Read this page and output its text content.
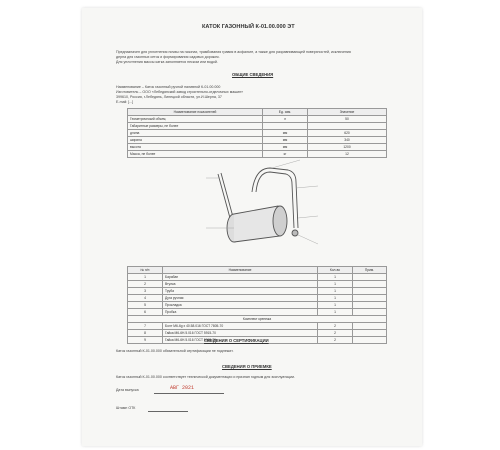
КАТОК ГАЗОННЫЙ К-01.00.000 ЭТ
Предназначен для уплотнения почвы на газонах, трамбования гравия в асфальте, а также для разравнивающей поверхностей, исключения
дерна для газонных сеток и формирования садовых дорожек.
Для уплотнения массы катка заполняется песком или водой.
ОБЩИЕ СВЕДЕНИЯ
Наименование – Каток газонный ручной наливной К-01.00.000
Изготовитель – ООО «Лебедянский завод строительно-отделочных машин»
399610, Россия, г.Лебедянь, Липецкой области, ул.И.Шерна, 37
E-mail: [...]
Наименование показателей	Ед. изм.	Значение
Геометрический объем,	л	50
Габаритные размеры, не более		
длина	мм	620
ширина	мм	340
высота	мм	1200
Масса, не более	кг	12
№ п/п	Наименование	Кол-во	Прим.
1	Барабан	1	
2	Втулка	1	
3	Труба	1	
4	Дуга ручная	1	
5	Прокладка	1	
6	Пробка	1	
Комплект крепежа			
7	Болт М6-6g х 40.58.016 ГОСТ 7805-70	2	
8	Гайка М6-6Н.5.016 ГОСТ 5915-70	2	
9	Гайка М6-6Н.5.016 ГОСТ 5915-70	2	
СВЕДЕНИЯ О СЕРТИФИКАЦИИ
Каток газонный К-01.00.000 обязательной сертификации не подлежит.
СВЕДЕНИЯ О ПРИЕМКЕ
Каток газонный К-01.00.000 соответствует технической документации и признан годным для эксплуатации.
Дата выпуска	АВГ 2021
Штамп ОТК
